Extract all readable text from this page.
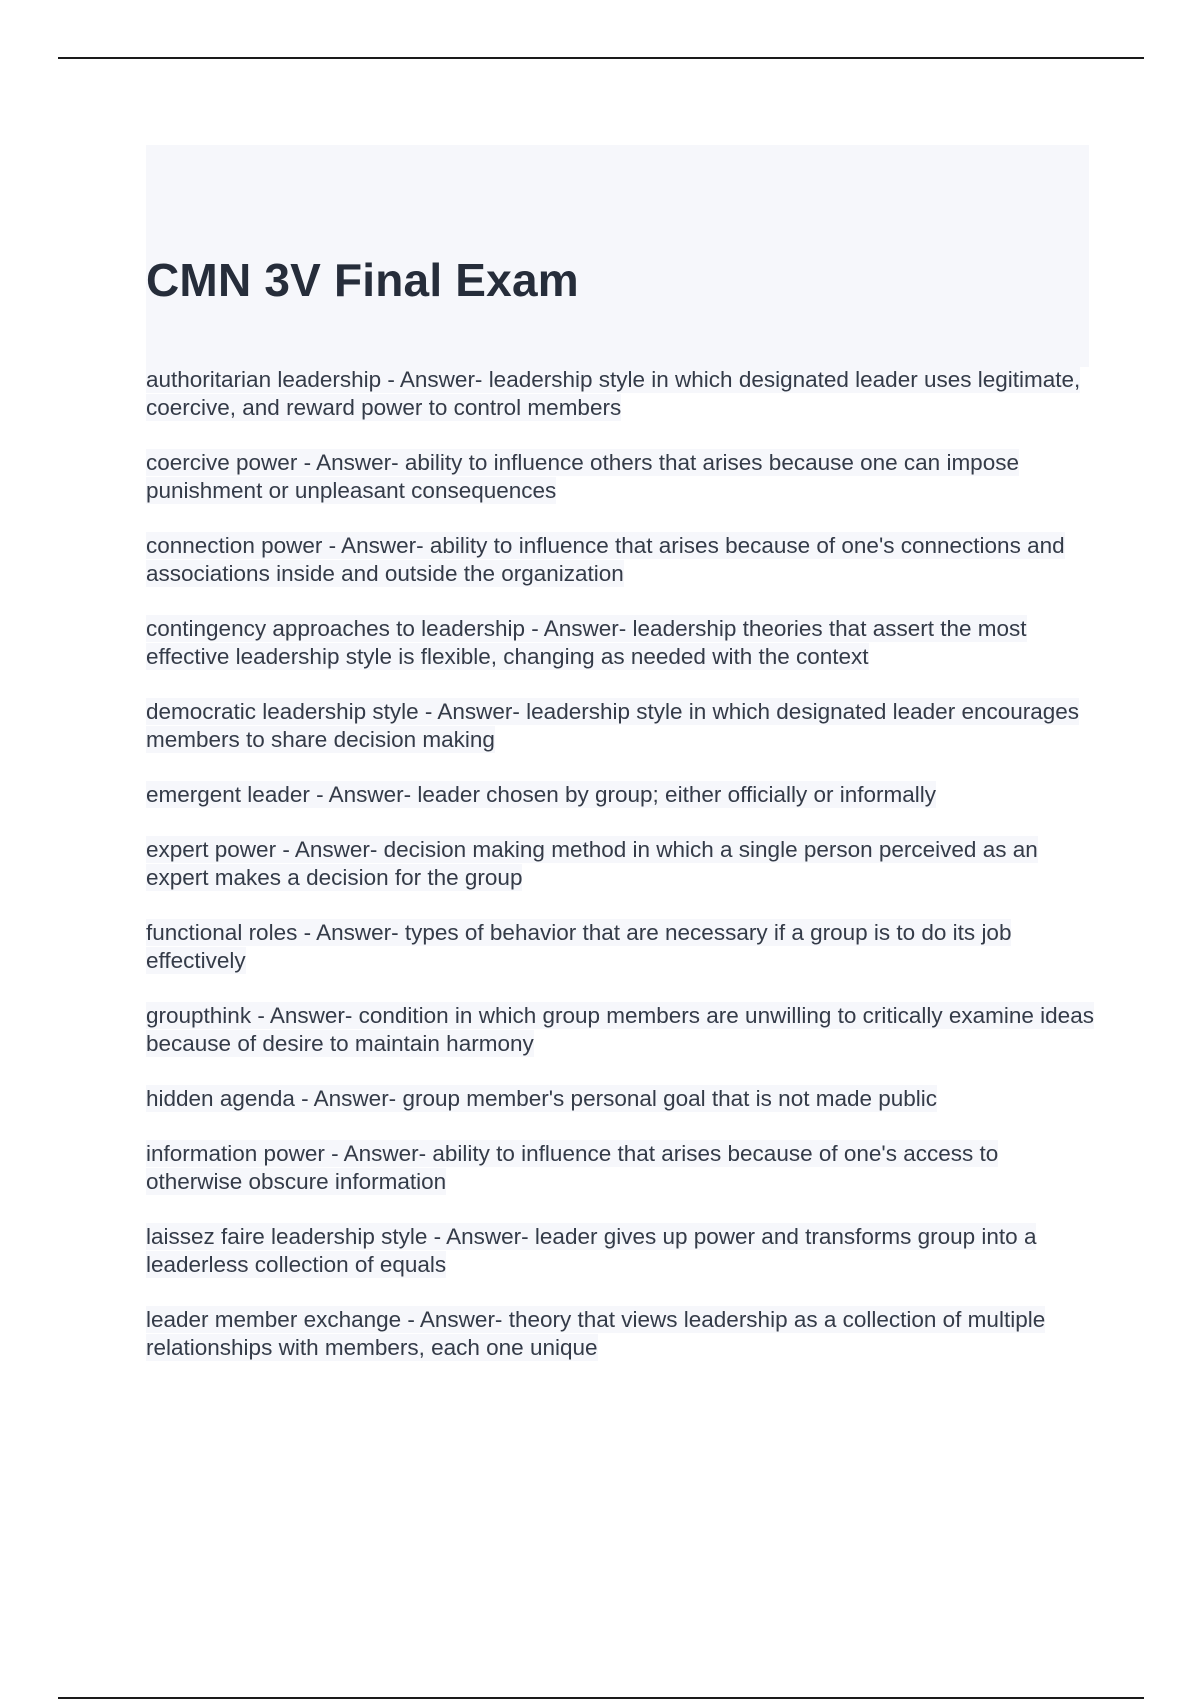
CMN 3V Final Exam

authoritarian leadership - Answer- leadership style in which designated leader uses legitimate, coercive, and reward power to control members

coercive power - Answer- ability to influence others that arises because one can impose punishment or unpleasant consequences

connection power - Answer- ability to influence that arises because of one's connections and associations inside and outside the organization

contingency approaches to leadership - Answer- leadership theories that assert the most effective leadership style is flexible, changing as needed with the context

democratic leadership style - Answer- leadership style in which designated leader encourages members to share decision making

emergent leader - Answer- leader chosen by group; either officially or informally

expert power - Answer- decision making method in which a single person perceived as an expert makes a decision for the group

functional roles - Answer- types of behavior that are necessary if a group is to do its job effectively

groupthink - Answer- condition in which group members are unwilling to critically examine ideas because of desire to maintain harmony

hidden agenda - Answer- group member's personal goal that is not made public

information power - Answer- ability to influence that arises because of one's access to otherwise obscure information

laissez faire leadership style - Answer- leader gives up power and transforms group into a leaderless collection of equals

leader member exchange - Answer- theory that views leadership as a collection of multiple relationships with members, each one unique
